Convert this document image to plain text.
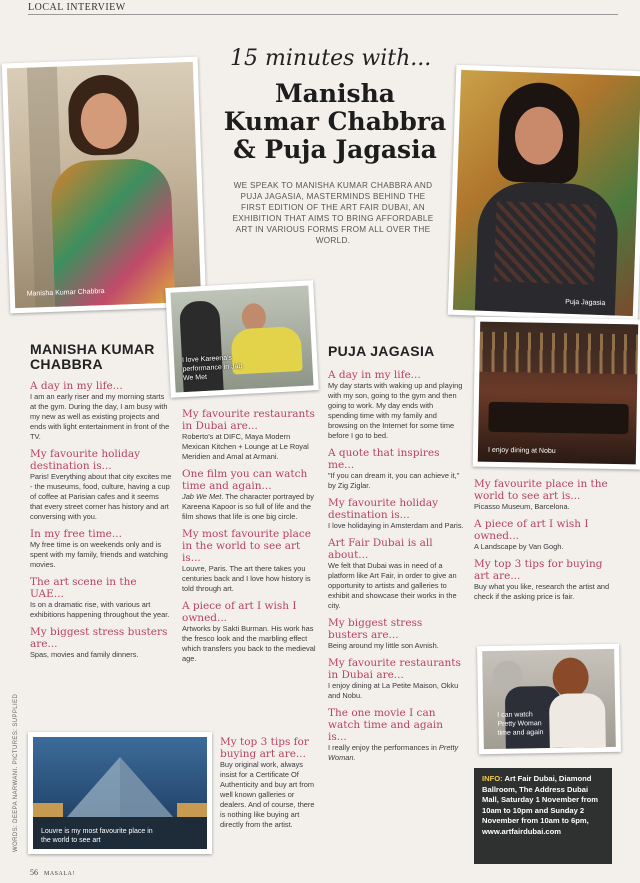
LOCAL INTERVIEW
15 minutes with...
Manisha
Kumar Chabbra
& Puja Jagasia
WE SPEAK TO MANISHA KUMAR CHABBRA AND PUJA JAGASIA, MASTERMINDS BEHIND THE FIRST EDITION OF THE ART FAIR DUBAI, AN EXHIBITION THAT AIMS TO BRING AFFORDABLE ART IN VARIOUS FORMS FROM ALL OVER THE WORLD.
Manisha Kumar Chabbra
Puja Jagasia
I love Kareena's performance in Jab We Met
I enjoy dining at Nobu
I can watch Pretty Woman time and again
Louvre is my most favourite place in the world to see art
WORDS: DEEPA NARWANI. PICTURES: SUPPLIED
MANISHA KUMAR CHABBRA
A day in my life...
I am an early riser and my morning starts at the gym. During the day, I am busy with my new as well as existing projects and ends with light entertainment in front of the TV.
My favourite holiday destination is...
Paris! Everything about that city excites me - the museums, food, culture, having a cup of coffee at Parisian cafes and it seems that every street corner has history and art conversing with you.
In my free time...
My free time is on weekends only and is spent with my family, friends and watching movies.
The art scene in the UAE...
Is on a dramatic rise, with various art exhibitions happening throughout the year.
My biggest stress busters are...
Spas, movies and family dinners.
My favourite restaurants in Dubai are...
Roberto's at DIFC, Maya Modern Mexican Kitchen + Lounge at Le Royal Meridien and Amal at Armani.
One film you can watch time and again...
Jab We Met. The character portrayed by Kareena Kapoor is so full of life and the film shows that life is one big circle.
My most favourite place in the world to see art is...
Louvre, Paris. The art there takes you centuries back and I love how history is told through art.
A piece of art I wish I owned...
Artworks by Sakti Burman. His work has the fresco look and the marbling effect which transfers you back to the medieval age.
My top 3 tips for buying art are...
Buy original work, always insist for a Certificate Of Authenticity and buy art from well known galleries or dealers. And of course, there is nothing like buying art directly from the artist.
PUJA JAGASIA
A day in my life...
My day starts with waking up and playing with my son, going to the gym and then going to work. My day ends with spending time with my family and browsing on the Internet for some time before I go to bed.
A quote that inspires me...
"If you can dream it, you can achieve it," by Zig Ziglar.
My favourite holiday destination is...
I love holidaying in Amsterdam and Paris.
Art Fair Dubai is all about...
We felt that Dubai was in need of a platform like Art Fair, in order to give an opportunity to artists and galleries to exhibit and showcase their works in the city.
My biggest stress busters are...
Being around my little son Avnish.
My favourite restaurants in Dubai are...
I enjoy dining at La Petite Maison, Okku and Nobu.
The one movie I can watch time and again is...
I really enjoy the performances in Pretty Woman.
My favourite place in the world to see art is...
Picasso Museum, Barcelona.
A piece of art I wish I owned...
A Landscape by Van Gogh.
My top 3 tips for buying art are...
Buy what you like, research the artist and check if the asking price is fair.
INFO: Art Fair Dubai, Diamond Ballroom, The Address Dubai Mall, Saturday 1 November from 10am to 10pm and Sunday 2 November from 10am to 6pm, www.artfairdubai.com
56 MASALA!
